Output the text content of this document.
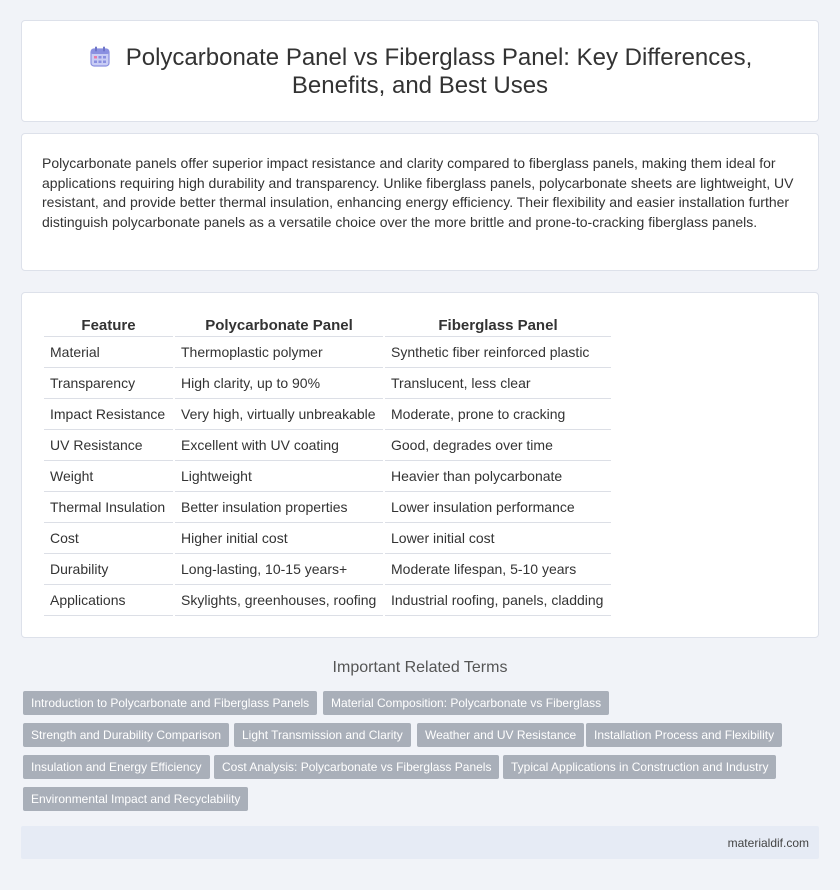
Polycarbonate Panel vs Fiberglass Panel: Key Differences,
Benefits, and Best Uses

Polycarbonate panels offer superior impact resistance and clarity compared to fiberglass panels, making them ideal for applications requiring high durability and transparency. Unlike fiberglass panels, polycarbonate sheets are lightweight, UV resistant, and provide better thermal insulation, enhancing energy efficiency. Their flexibility and easier installation further distinguish polycarbonate panels as a versatile choice over the more brittle and prone-to-cracking fiberglass panels.

Feature	Polycarbonate Panel	Fiberglass Panel
Material	Thermoplastic polymer	Synthetic fiber reinforced plastic
Transparency	High clarity, up to 90%	Translucent, less clear
Impact Resistance	Very high, virtually unbreakable	Moderate, prone to cracking
UV Resistance	Excellent with UV coating	Good, degrades over time
Weight	Lightweight	Heavier than polycarbonate
Thermal Insulation	Better insulation properties	Lower insulation performance
Cost	Higher initial cost	Lower initial cost
Durability	Long-lasting, 10-15 years+	Moderate lifespan, 5-10 years
Applications	Skylights, greenhouses, roofing	Industrial roofing, panels, cladding
Important Related Terms
Introduction to Polycarbonate and Fiberglass Panels	Material Composition: Polycarbonate vs Fiberglass
Strength and Durability Comparison	Light Transmission and Clarity	Weather and UV Resistance	Installation Process and Flexibility
Insulation and Energy Efficiency	Cost Analysis: Polycarbonate vs Fiberglass Panels	Typical Applications in Construction and Industry
Environmental Impact and Recyclability
materialdif.com
